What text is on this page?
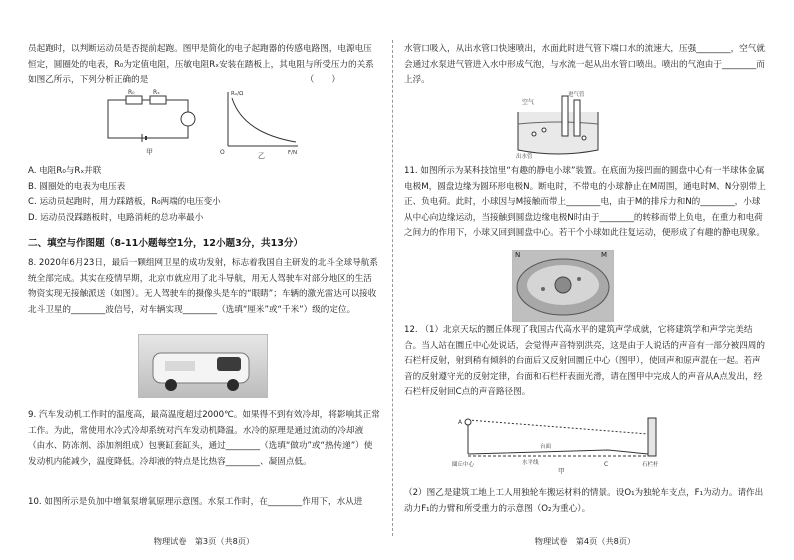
员起跑时，以判断运动员是否提前起跑。图甲是简化的电子起跑器的传感电路图，电源电压恒定，圆圈处的电表，R₀为定值电阻，压敏电阻Rₓ安装在踏板上，其电阻与所受压力的关系如图乙所示，下列分析正确的是	（　　）
R₀	Rₓ
甲
Rₓ/Ω
F/N
O	乙
A. 电阻R₀与Rₓ并联
B. 圆圈处的电表为电压表
C. 运动员起跑时，用力踩踏板，R₀两端的电压变小
D. 运动员没踩踏板时，电路消耗的总功率最小
二、填空与作图题（8-11小题每空1分，12小题3分，共13分）

8. 2020年6月23日，最后一颗组网卫星的成功发射，标志着我国自主研发的北斗全球导航系统全部完成。其实在疫情早期，北京市就应用了北斗导航，用无人驾驶车对部分地区的生活物资实现无接触派送（如图）。无人驾驶车的摄像头是车的“眼睛”；车辆的激光雷达可以接收北斗卫星的________波信号，对车辆实现________（选填“厘米”或“千米”）级的定位。

9. 汽车发动机工作时的温度高，最高温度超过2000℃。如果得不到有效冷却，将影响其正常工作。为此，常使用水冷式冷却系统对汽车发动机降温。水冷的原理是通过流动的冷却液（由水、防冻剂、添加剂组成）包裹缸套缸头，通过________（选填“做功”或“热传递”）使发动机内能减少，温度降低。冷却液的特点是比热容________、凝固点低。

10. 如图所示是负加中增氧泵增氧原理示意图。水泵工作时，在________作用下，水从进

物理试卷　第3页（共8页）

水管口吸入，从出水管口快速喷出，水面此时进气管下端口水的流速大，压强________，空气就会通过水泵进气管进入水中形成气泡，与水流一起从出水管口喷出。喷出的气泡由于________而上浮。

空气
进气管
出水管

11. 如图所示为某科技馆里“有趣的静电小球”装置。在底面为接凹面的圆盘中心有一半球体金属电极M，圆盘边缘为圆环形电极N。断电时，不带电的小球静止在M周围，通电时M、N分别带上正、负电荷。此时，小球因与M接触而带上________电，由于M的排斥力和N的________，小球从中心向边缘运动，当接触到圆盘边缘电极N时由于________的转移而带上负电，在重力和电荷之间力的作用下，小球又回到圆盘中心。若干个小球如此往复运动，便形成了有趣的静电现象。

N	M

12. （1）北京天坛的圜丘体现了我国古代高水平的建筑声学成就，它将建筑学和声学完美结合。当人站在圜丘中心处说话，会觉得声音特别洪亮，这是由于人说话的声音有一部分被四周的石栏杆反射，射到稍有倾斜的台面后又反射回圜丘中心（图甲），使回声和原声混在一起。若声音的反射遵守光的反射定律，台面和石栏杆表面光滑，请在图甲中完成人的声音从A点发出，经石栏杆反射回C点的声音路径图。

A
C
圜丘中心
台面
水平线	石栏杆
甲

（2）图乙是建筑工地上工人用独轮车搬运材料的情景。设O₁为独轮车支点，F₁为动力。请作出动力F₁的力臂和所受重力的示意图（O₂为重心）。

物理试卷　第4页（共8页）
